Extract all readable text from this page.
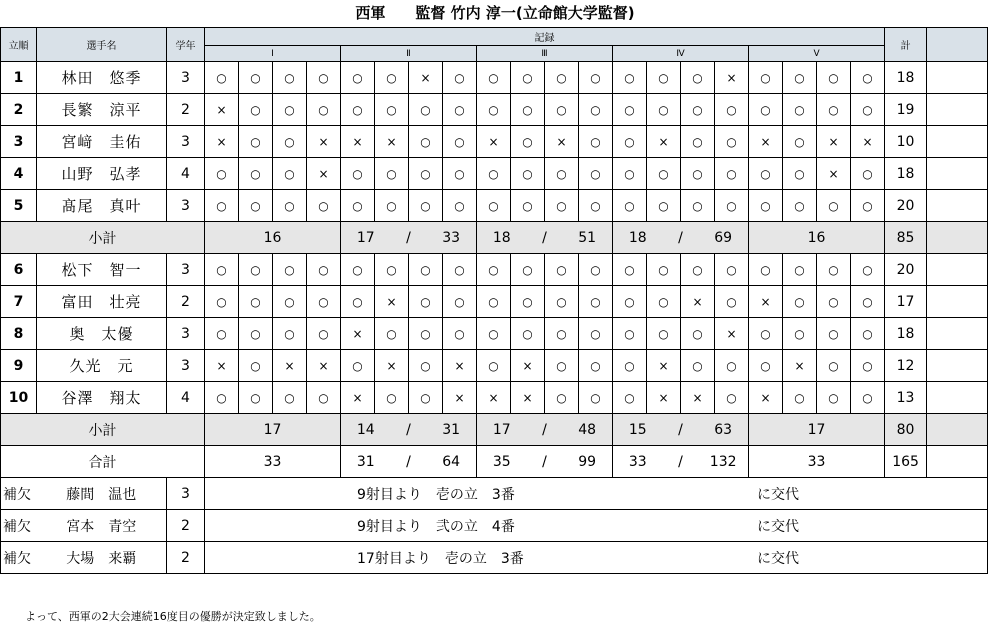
西軍　　監督 竹内 淳一(立命館大学監督)
立順	選手名	学年	記録																				計	
			Ⅰ				Ⅱ				Ⅲ				Ⅳ				Ⅴ					
1	林田　悠季	3	○	○	○	○	○	○	×	○	○	○	○	○	○	○	○	×	○	○	○	○	18	
2	長繁　涼平	2	×	○	○	○	○	○	○	○	○	○	○	○	○	○	○	○	○	○	○	○	19	
3	宮﨑　圭佑	3	×	○	○	×	×	×	○	○	×	○	×	○	○	×	○	○	×	○	×	×	10	
4	山野　弘孝	4	○	○	○	×	○	○	○	○	○	○	○	○	○	○	○	○	○	○	×	○	18	
5	髙尾　真叶	3	○	○	○	○	○	○	○	○	○	○	○	○	○	○	○	○	○	○	○	○	20	
小計			16				17 / 33				18 / 51				18 / 69				16				85	
6	松下　智一	3	○	○	○	○	○	○	○	○	○	○	○	○	○	○	○	○	○	○	○	○	20	
7	富田　壮亮	2	○	○	○	○	○	×	○	○	○	○	○	○	○	○	×	○	×	○	○	○	17	
8	奥　太優	3	○	○	○	○	×	○	○	○	○	○	○	○	○	○	○	×	○	○	○	○	18	
9	久光　元	3	×	○	×	×	○	×	○	×	○	×	○	○	○	×	○	○	○	×	○	○	12	
10	谷澤　翔太	4	○	○	○	○	×	○	○	×	×	×	○	○	○	×	×	○	×	○	○	○	13	
小計			17				14 / 31				17 / 48				15 / 63				17				80	
合計			33				31 / 64				35 / 99				33 / 132				33				165	
補欠	藤間　温也	3	9射目より　壱の立　3番 に交代																					

補欠	宮本　青空	2	9射目より　弐の立　4番 に交代																					

補欠	大場　来覇	2	17射目より　壱の立　3番 に交代																					
よって、西軍の2大会連続16度目の優勝が決定致しました。
